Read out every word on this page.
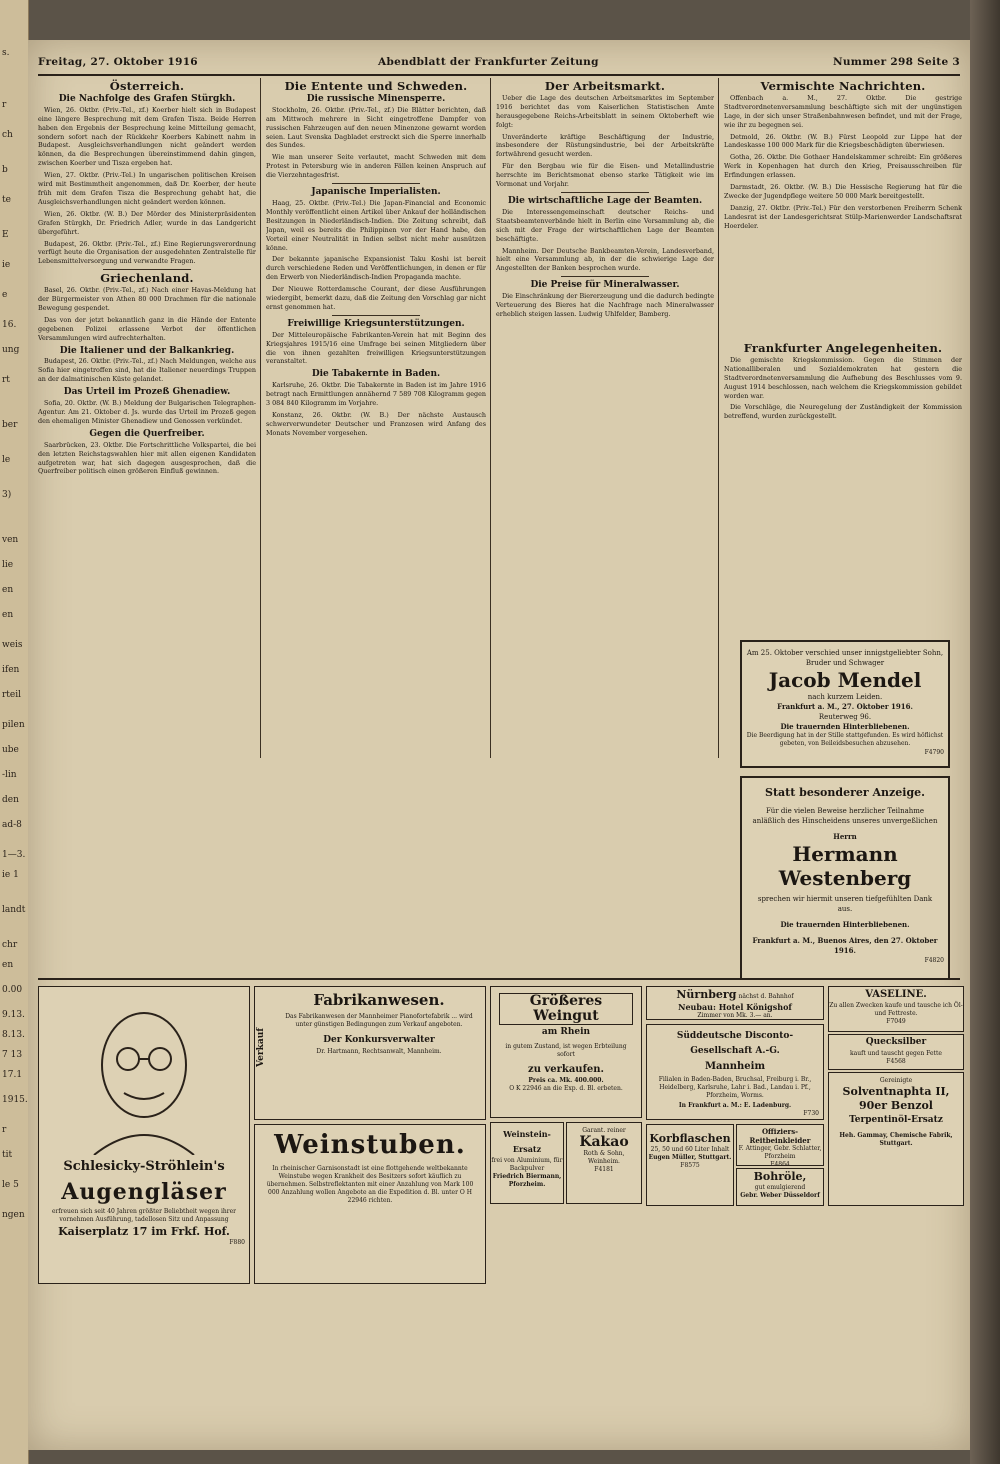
s.
r
ch
b
te
E
ie
e
16.
ung
rt
ber
le
3)
ven
lie
en
en
weis
ifen
rteil
pilen
ube
-lin
den
ad-8
1—3.
ie 1
landt
chr
en
0.00
9.13.
8.13.
7 13
17.1
1915.
r
tit
le 5
ngen
Freitag, 27. Oktober 1916	Abendblatt der Frankfurter Zeitung	Nummer 298 Seite 3
Österreich.
Die Nachfolge des Grafen Stürgkh.

Wien, 26. Oktbr. (Priv.-Tel., zf.) Koerber hielt sich in Budapest eine längere Besprechung mit dem Grafen Tisza. Beide Herren haben den Ergebnis der Besprechung keine Mitteilung gemacht, sondern sofort nach der Rückkehr Koerbers Kabinett nahm in Budapest. Ausgleichsverhandlungen nicht geändert werden können, da die Besprechungen übereinstimmend dahin gingen, zwischen Koerber und Tisza ergeben hat.

Wien, 27. Oktbr. (Priv.-Tel.) In ungarischen politischen Kreisen wird mit Bestimmtheit angenommen, daß Dr. Koerber, der heute früh mit dem Grafen Tisza die Besprechung gehabt hat, die Ausgleichsverhandlungen nicht geändert werden können.

Wien, 26. Oktbr. (W. B.) Der Mörder des Ministerpräsidenten Grafen Stürgkh, Dr. Friedrich Adler, wurde in das Landgericht übergeführt.

Budapest, 26. Oktbr. (Priv.-Tel., zf.) Eine Regierungsverordnung verfügt heute die Organisation der ausgedehnten Zentralstelle für Lebensmittelversorgung und verwandte Fragen.

Griechenland.

Basel, 26. Oktbr. (Priv.-Tel., zf.) Nach einer Havas-Meldung hat der Bürgermeister von Athen 80 000 Drachmen für die nationale Bewegung gespendet.

Das von der jetzt bekanntlich ganz in die Hände der Entente gegebenen Polizei erlassene Verbot der öffentlichen Versammlungen wird aufrechterhalten.

Die Italiener und der Balkankrieg.

Budapest, 26. Oktbr. (Priv.-Tel., zf.) Nach Meldungen, welche aus Sofia hier eingetroffen sind, hat die Italiener neuerdings Truppen an der dalmatinischen Küste gelandet.

Das Urteil im Prozeß Ghenadiew.

Sofia, 20. Oktbr. (W. B.) Meldung der Bulgarischen Telegraphen-Agentur. Am 21. Oktober d. Js. wurde das Urteil im Prozeß gegen den ehemaligen Minister Ghenadiew und Genossen verkündet.

Gegen die Querfreiber.

Saarbrücken, 23. Oktbr. Die Fortschrittliche Volkspartei, die bei den letzten Reichstagswahlen hier mit allen eigenen Kandidaten aufgetreten war, hat sich dagegen ausgesprochen, daß die Querfreiber politisch einen größeren Einfluß gewinnen.

Die Entente und Schweden.
Die russische Minensperre.

Stockholm, 26. Oktbr. (Priv.-Tel., zf.) Die Blätter berichten, daß am Mittwoch mehrere in Sicht eingetroffene Dampfer von russischen Fahrzeugen auf den neuen Minenzone gewarnt worden seien. Laut Svenska Dagbladet erstreckt sich die Sperre innerhalb des Sundes.

Wie man unserer Seite verlautet, macht Schweden mit dem Protest in Petersburg wie in anderen Fällen keinen Anspruch auf die Vierzehntagesfrist.

Japanische Imperialisten.

Haag, 25. Oktbr. (Priv.-Tel.) Die Japan-Financial and Economic Monthly veröffentlicht einen Artikel über Ankauf der holländischen Besitzungen in Niederländisch-Indien. Die Zeitung schreibt, daß Japan, weil es bereits die Philippinen vor der Hand habe, den Vorteil einer Neutralität in Indien selbst nicht mehr ausnützen könne.

Der bekannte japanische Expansionist Taku Koshi ist bereit durch verschiedene Reden und Veröffentlichungen, in denen er für den Erwerb von Niederländisch-Indien Propaganda machte.

Der Nieuwe Rotterdamsche Courant, der diese Ausführungen wiedergibt, bemerkt dazu, daß die Zeitung den Vorschlag gar nicht ernst genommen hat.

Freiwillige Kriegsunterstützungen.

Der Mitteleuropäische Fabrikanten-Verein hat mit Beginn des Kriegsjahres 1915/16 eine Umfrage bei seinen Mitgliedern über die von ihnen gezahlten freiwilligen Kriegsunterstützungen veranstaltet.

Die Tabakernte in Baden.

Karlsruhe, 26. Oktbr. Die Tabakernte in Baden ist im Jahre 1916 betragt nach Ermittlungen annähernd 7 589 708 Kilogramm gegen 3 084 840 Kilogramm im Vorjahre.

Konstanz, 26. Oktbr. (W. B.) Der nächste Austausch schwerverwundeter Deutscher und Franzosen wird Anfang des Monats November vorgesehen.

Der Arbeitsmarkt.

Ueber die Lage des deutschen Arbeitsmarktes im September 1916 berichtet das vom Kaiserlichen Statistischen Amte herausgegebene Reichs-Arbeitsblatt in seinem Oktoberheft wie folgt:

Unveränderte kräftige Beschäftigung der Industrie, insbesondere der Rüstungsindustrie, bei der Arbeitskräfte fortwährend gesucht werden.

Für den Bergbau wie für die Eisen- und Metallindustrie herrschte im Berichtsmonat ebenso starke Tätigkeit wie im Vormonat und Vorjahr.

Die wirtschaftliche Lage der Beamten.

Die Interessengemeinschaft deutscher Reichs- und Staatsbeamtenverbände hielt in Berlin eine Versammlung ab, die sich mit der Frage der wirtschaftlichen Lage der Beamten beschäftigte.

Mannheim. Der Deutsche Bankbeamten-Verein, Landesverband, hielt eine Versammlung ab, in der die schwierige Lage der Angestellten der Banken besprochen wurde.

Die Preise für Mineralwasser.

Die Einschränkung der Biererzeugung und die dadurch bedingte Verteuerung des Bieres hat die Nachfrage nach Mineralwasser erheblich steigen lassen. Ludwig Uhlfelder, Bamberg.

Vermischte Nachrichten.

Offenbach a. M., 27. Oktbr. Die gestrige Stadtverordnetenversammlung beschäftigte sich mit der ungünstigen Lage, in der sich unser Straßenbahnwesen befindet, und mit der Frage, wie ihr zu begegnen sei.

Detmold, 26. Oktbr. (W. B.) Fürst Leopold zur Lippe hat der Landeskasse 100 000 Mark für die Kriegsbeschädigten überwiesen.

Gotha, 26. Oktbr. Die Gothaer Handelskammer schreibt: Ein größeres Werk in Kopenhagen hat durch den Krieg, Preisausschreiben für Erfindungen erlassen.

Darmstadt, 26. Oktbr. (W. B.) Die Hessische Regierung hat für die Zwecke der Jugendpflege weitere 50 000 Mark bereitgestellt.

Danzig, 27. Oktbr. (Priv.-Tel.) Für den verstorbenen Freiherrn Schenk Landesrat ist der Landesgerichtsrat Stülp-Marienwerder Landschaftsrat Hoerdeler.

Frankfurter Angelegenheiten.

Die gemischte Kriegskommission. Gegen die Stimmen der Nationalliberalen und Sozialdemokraten hat gestern die Stadtverordnetenversammlung die Aufhebung des Beschlusses vom 9. August 1914 beschlossen, nach welchem die Kriegskommission gebildet worden war.

Die Vorschläge, die Neuregelung der Zuständigkeit der Kommission betreffend, wurden zurückgestellt.

Am 25. Oktober verschied unser innigstgeliebter Sohn, Bruder und Schwager
Jacob Mendel
nach kurzem Leiden.
Frankfurt a. M., 27. Oktober 1916.
Reuterweg 96.
Die trauernden Hinterbliebenen.
Die Beerdigung hat in der Stille stattgefunden. Es wird höflichst gebeten, von Beileidsbesuchen abzusehen.
F4790
Statt besonderer Anzeige.
Für die vielen Beweise herzlicher Teilnahme anläßlich des Hinscheidens unseres unvergeßlichen
Herrn
Hermann Westenberg
sprechen wir hiermit unseren tiefgefühlten Dank aus.
Die trauernden Hinterbliebenen.
Frankfurt a. M., Buenos Aires, den 27. Oktober 1916.
F4820
Schlesicky-Ströhlein's
Augengläser
erfreuen sich seit 40 Jahren größter Beliebtheit wegen ihrer vornehmen Ausführung, tadellosen Sitz und Anpassung
Kaiserplatz 17 im Frkf. Hof.
F880
Verkauf
Fabrikanwesen.
Das Fabrikanwesen der Mannheimer Pianofortefabrik ... wird unter günstigen Bedingungen zum Verkauf angeboten.
Der Konkursverwalter
Dr. Hartmann, Rechtsanwalt, Mannheim.
Weinstuben.
In rheinischer Garnisonstadt ist eine flottgehende weltbekannte Weinstube wegen Krankheit des Besitzers sofort käuflich zu übernehmen. Selbstreflektanten mit einer Anzahlung von Mark 100 000 Anzahlung wollen Angebote an die Expedition d. Bl. unter O H 22946 richten.
Größeres Weingut
am Rhein
in gutem Zustand, ist wegen Erbteilung sofort
zu verkaufen.
Preis ca. Mk. 400.000.
O K 22946 an die Exp. d. Bl. erbeten.
Weinstein-Ersatz
frei von Aluminium, für Backpulver
Friedrich Biermann, Pforzheim.
Garant. reiner
Kakao
Roth & Sohn, Weinheim.
F4181
Nürnberg nächst d. Bahnhof
Neubau: Hotel Königshof
Zimmer von Mk. 3.— an.
Süddeutsche Disconto-Gesellschaft A.-G.
Mannheim
Filialen in Baden-Baden, Bruchsal, Freiburg i. Br., Heidelberg, Karlsruhe, Lahr i. Bad., Landau i. Pf., Pforzheim, Worms.
In Frankfurt a. M.: E. Ladenburg.
F730
Korbflaschen
25, 50 und 60 Liter Inhalt
Eugen Müller, Stuttgart.
F8575
Offiziers-Reitbeinkleider
F. Attinger, Gebr. Schlatter, Pforzheim
F4864
Bohröle,
gut emulgierend
Gebr. Weber Düsseldorf
VASELINE.
Zu allen Zwecken kaufe und tausche ich Öl- und Fettreste.
F7049
Quecksilber
kauft und tauscht gegen Fette
F4568
Gereinigte
Solventnaphta II, 90er Benzol
Terpentinöl-Ersatz
Heh. Gammay, Chemische Fabrik, Stuttgart.
